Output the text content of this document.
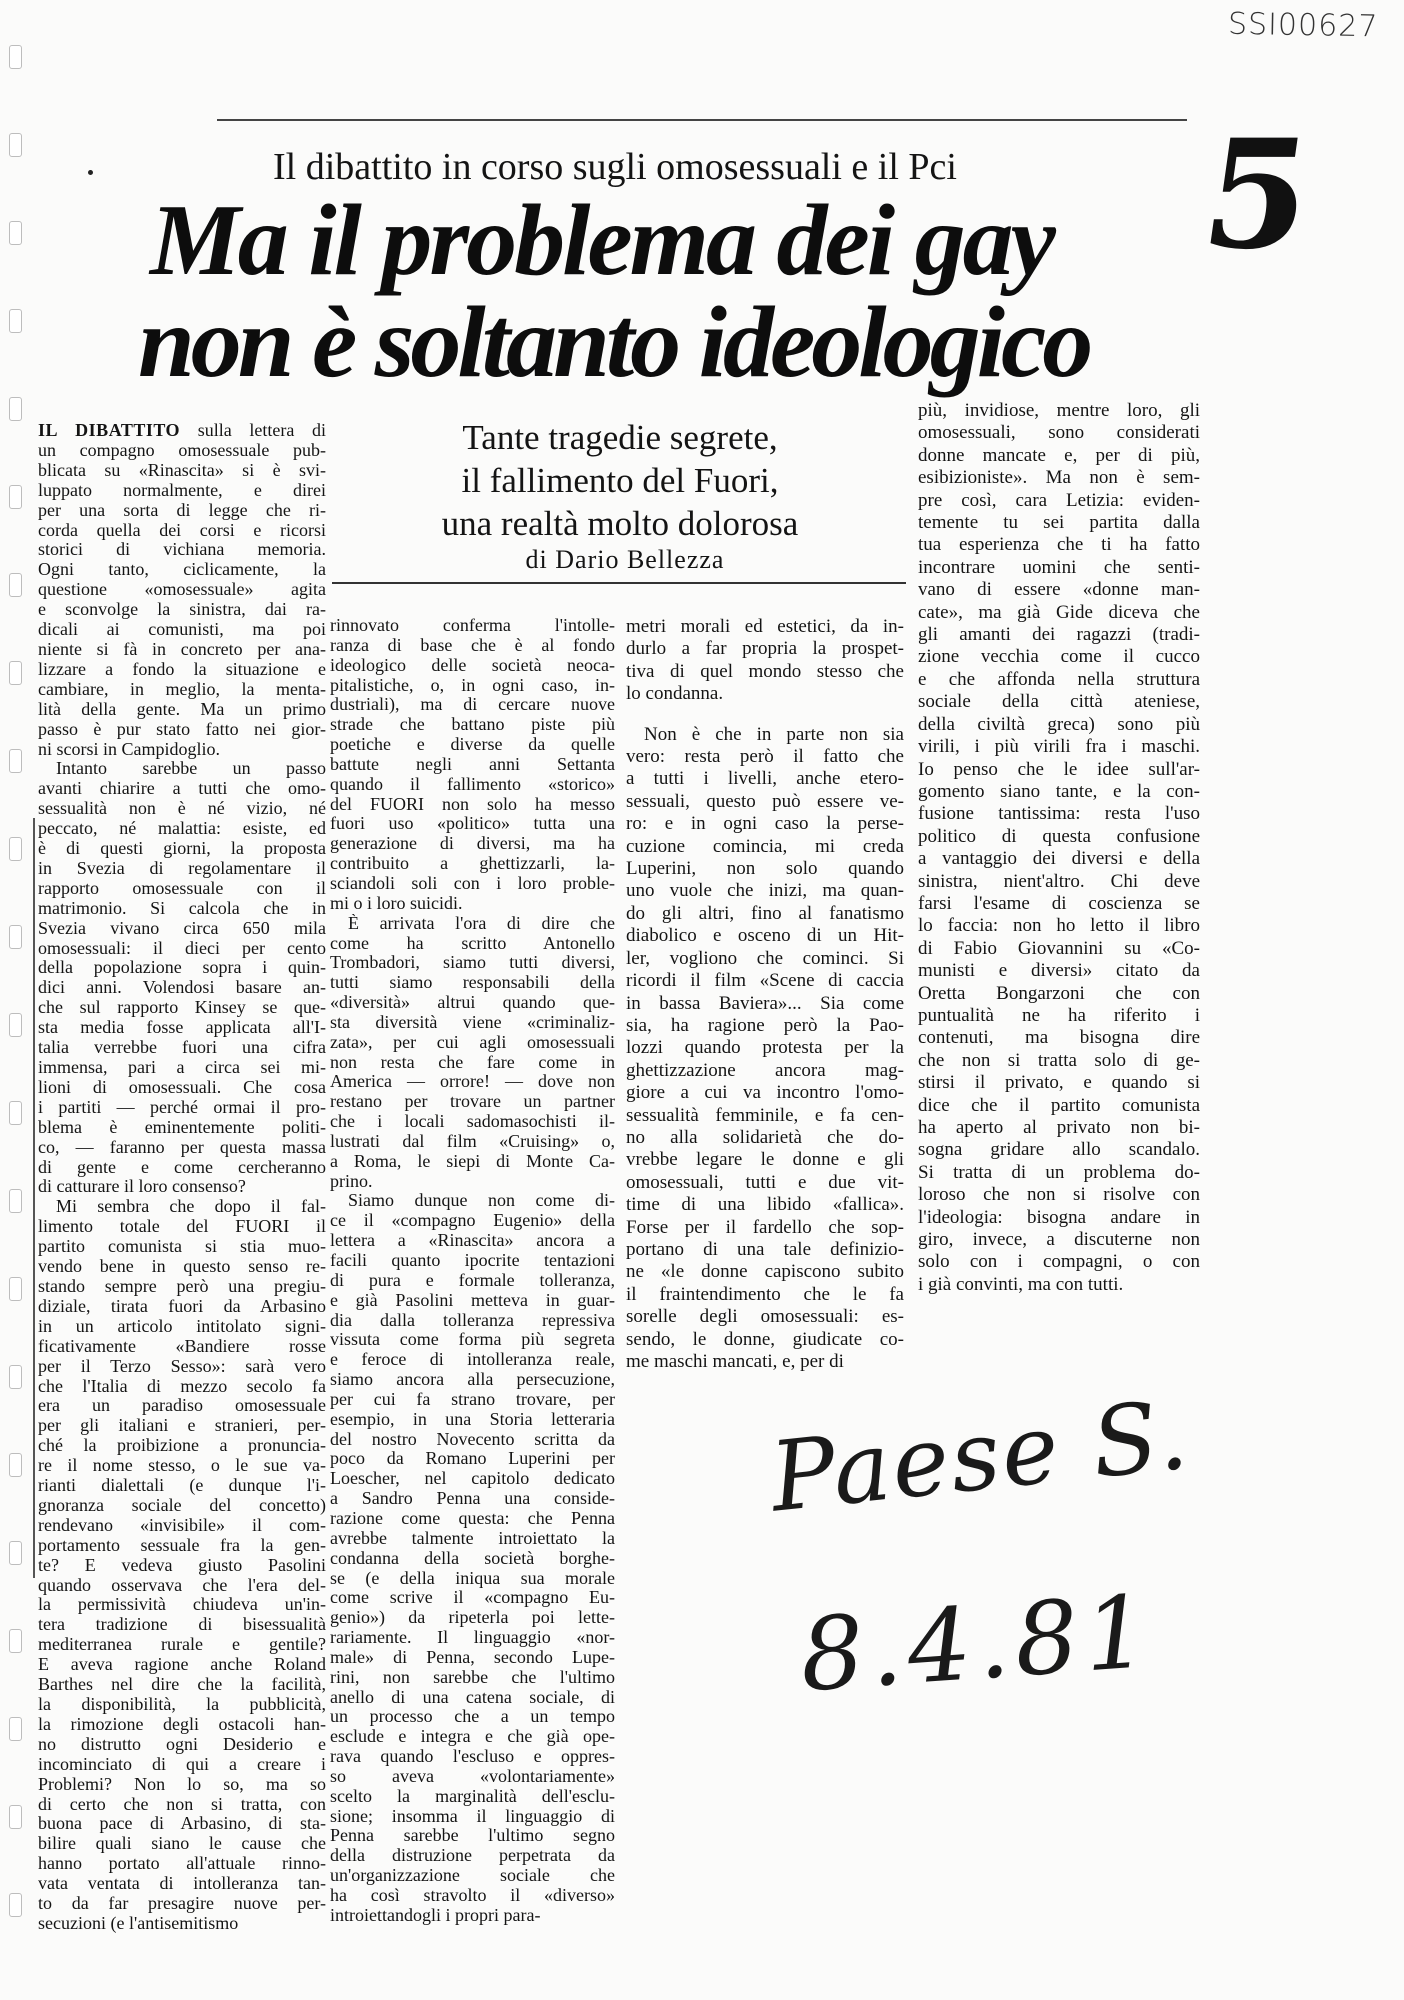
SSI00627
5
Il dibattito in corso sugli omosessuali e il Pci
Ma il problema dei gay
non è soltanto ideologico
Tante tragedie segrete,
il fallimento del Fuori,
una realtà molto dolorosa
di Dario Bellezza
IL DIBATTITO sulla lettera di
un compagno omosessuale pub-
blicata su «Rinascita» si è svi-
luppato normalmente, e direi
per una sorta di legge che ri-
corda quella dei corsi e ricorsi
storici di vichiana memoria.
Ogni tanto, ciclicamente, la
questione «omosessuale» agita
e sconvolge la sinistra, dai ra-
dicali ai comunisti, ma poi
niente si fà in concreto per ana-
lizzare a fondo la situazione e
cambiare, in meglio, la menta-
lità della gente. Ma un primo
passo è pur stato fatto nei gior-
ni scorsi in Campidoglio.
Intanto sarebbe un passo
avanti chiarire a tutti che omo-
sessualità non è né vizio, né
peccato, né malattia: esiste, ed
è di questi giorni, la proposta
in Svezia di regolamentare il
rapporto omosessuale con il
matrimonio. Si calcola che in
Svezia vivano circa 650 mila
omosessuali: il dieci per cento
della popolazione sopra i quin-
dici anni. Volendosi basare an-
che sul rapporto Kinsey se que-
sta media fosse applicata all'I-
talia verrebbe fuori una cifra
immensa, pari a circa sei mi-
lioni di omosessuali. Che cosa
i partiti — perché ormai il pro-
blema è eminentemente politi-
co, — faranno per questa massa
di gente e come cercheranno
di catturare il loro consenso?
Mi sembra che dopo il fal-
limento totale del FUORI il
partito comunista si stia muo-
vendo bene in questo senso re-
stando sempre però una pregiu-
diziale, tirata fuori da Arbasino
in un articolo intitolato signi-
ficativamente «Bandiere rosse
per il Terzo Sesso»: sarà vero
che l'Italia di mezzo secolo fa
era un paradiso omosessuale
per gli italiani e stranieri, per-
ché la proibizione a pronuncia-
re il nome stesso, o le sue va-
rianti dialettali (e dunque l'i-
gnoranza sociale del concetto)
rendevano «invisibile» il com-
portamento sessuale fra la gen-
te? E vedeva giusto Pasolini
quando osservava che l'era del-
la permissività chiudeva un'in-
tera tradizione di bisessualità
mediterranea rurale e gentile?
E aveva ragione anche Roland
Barthes nel dire che la facilità,
la disponibilità, la pubblicità,
la rimozione degli ostacoli han-
no distrutto ogni Desiderio e
incominciato di qui a creare i
Problemi? Non lo so, ma so
di certo che non si tratta, con
buona pace di Arbasino, di sta-
bilire quali siano le cause che
hanno portato all'attuale rinno-
vata ventata di intolleranza tan-
to da far presagire nuove per-
secuzioni (e l'antisemitismo
rinnovato conferma l'intolle-
ranza di base che è al fondo
ideologico delle società neoca-
pitalistiche, o, in ogni caso, in-
dustriali), ma di cercare nuove
strade che battano piste più
poetiche e diverse da quelle
battute negli anni Settanta
quando il fallimento «storico»
del FUORI non solo ha messo
fuori uso «politico» tutta una
generazione di diversi, ma ha
contribuito a ghettizzarli, la-
sciandoli soli con i loro proble-
mi o i loro suicidi.
È arrivata l'ora di dire che
come ha scritto Antonello
Trombadori, siamo tutti diversi,
tutti siamo responsabili della
«diversità» altrui quando que-
sta diversità viene «criminaliz-
zata», per cui agli omosessuali
non resta che fare come in
America — orrore! — dove non
restano per trovare un partner
che i locali sadomasochisti il-
lustrati dal film «Cruising» o,
a Roma, le siepi di Monte Ca-
prino.
Siamo dunque non come di-
ce il «compagno Eugenio» della
lettera a «Rinascita» ancora a
facili quanto ipocrite tentazioni
di pura e formale tolleranza,
e già Pasolini metteva in guar-
dia dalla tolleranza repressiva
vissuta come forma più segreta
e feroce di intolleranza reale,
siamo ancora alla persecuzione,
per cui fa strano trovare, per
esempio, in una Storia letteraria
del nostro Novecento scritta da
poco da Romano Luperini per
Loescher, nel capitolo dedicato
a Sandro Penna una conside-
razione come questa: che Penna
avrebbe talmente introiettato la
condanna della società borghe-
se (e della iniqua sua morale
come scrive il «compagno Eu-
genio») da ripeterla poi lette-
rariamente. Il linguaggio «nor-
male» di Penna, secondo Lupe-
rini, non sarebbe che l'ultimo
anello di una catena sociale, di
un processo che a un tempo
esclude e integra e che già ope-
rava quando l'escluso e oppres-
so aveva «volontariamente»
scelto la marginalità dell'esclu-
sione; insomma il linguaggio di
Penna sarebbe l'ultimo segno
della distruzione perpetrata da
un'organizzazione sociale che
ha così stravolto il «diverso»
introiettandogli i propri para-
metri morali ed estetici, da in-
durlo a far propria la prospet-
tiva di quel mondo stesso che
lo condanna.
Non è che in parte non sia
vero: resta però il fatto che
a tutti i livelli, anche etero-
sessuali, questo può essere ve-
ro: e in ogni caso la perse-
cuzione comincia, mi creda
Luperini, non solo quando
uno vuole che inizi, ma quan-
do gli altri, fino al fanatismo
diabolico e osceno di un Hit-
ler, vogliono che cominci. Si
ricordi il film «Scene di caccia
in bassa Baviera»... Sia come
sia, ha ragione però la Pao-
lozzi quando protesta per la
ghettizzazione ancora mag-
giore a cui va incontro l'omo-
sessualità femminile, e fa cen-
no alla solidarietà che do-
vrebbe legare le donne e gli
omosessuali, tutti e due vit-
time di una libido «fallica».
Forse per il fardello che sop-
portano di una tale definizio-
ne «le donne capiscono subito
il fraintendimento che le fa
sorelle degli omosessuali: es-
sendo, le donne, giudicate co-
me maschi mancati, e, per di
più, invidiose, mentre loro, gli
omosessuali, sono considerati
donne mancate e, per di più,
esibizioniste». Ma non è sem-
pre così, cara Letizia: eviden-
temente tu sei partita dalla
tua esperienza che ti ha fatto
incontrare uomini che senti-
vano di essere «donne man-
cate», ma già Gide diceva che
gli amanti dei ragazzi (tradi-
zione vecchia come il cucco
e che affonda nella struttura
sociale della città ateniese,
della civiltà greca) sono più
virili, i più virili fra i maschi.
Io penso che le idee sull'ar-
gomento siano tante, e la con-
fusione tantissima: resta l'uso
politico di questa confusione
a vantaggio dei diversi e della
sinistra, nient'altro. Chi deve
farsi l'esame di coscienza se
lo faccia: non ho letto il libro
di Fabio Giovannini su «Co-
munisti e diversi» citato da
Oretta Bongarzoni che con
puntualità ne ha riferito i
contenuti, ma bisogna dire
che non si tratta solo di ge-
stirsi il privato, e quando si
dice che il partito comunista
ha aperto al privato non bi-
sogna gridare allo scandalo.
Si tratta di un problema do-
loroso che non si risolve con
l'ideologia: bisogna andare in
giro, invece, a discuterne non
solo con i compagni, o con
i già convinti, ma con tutti.
Paese S.
8.4.81
